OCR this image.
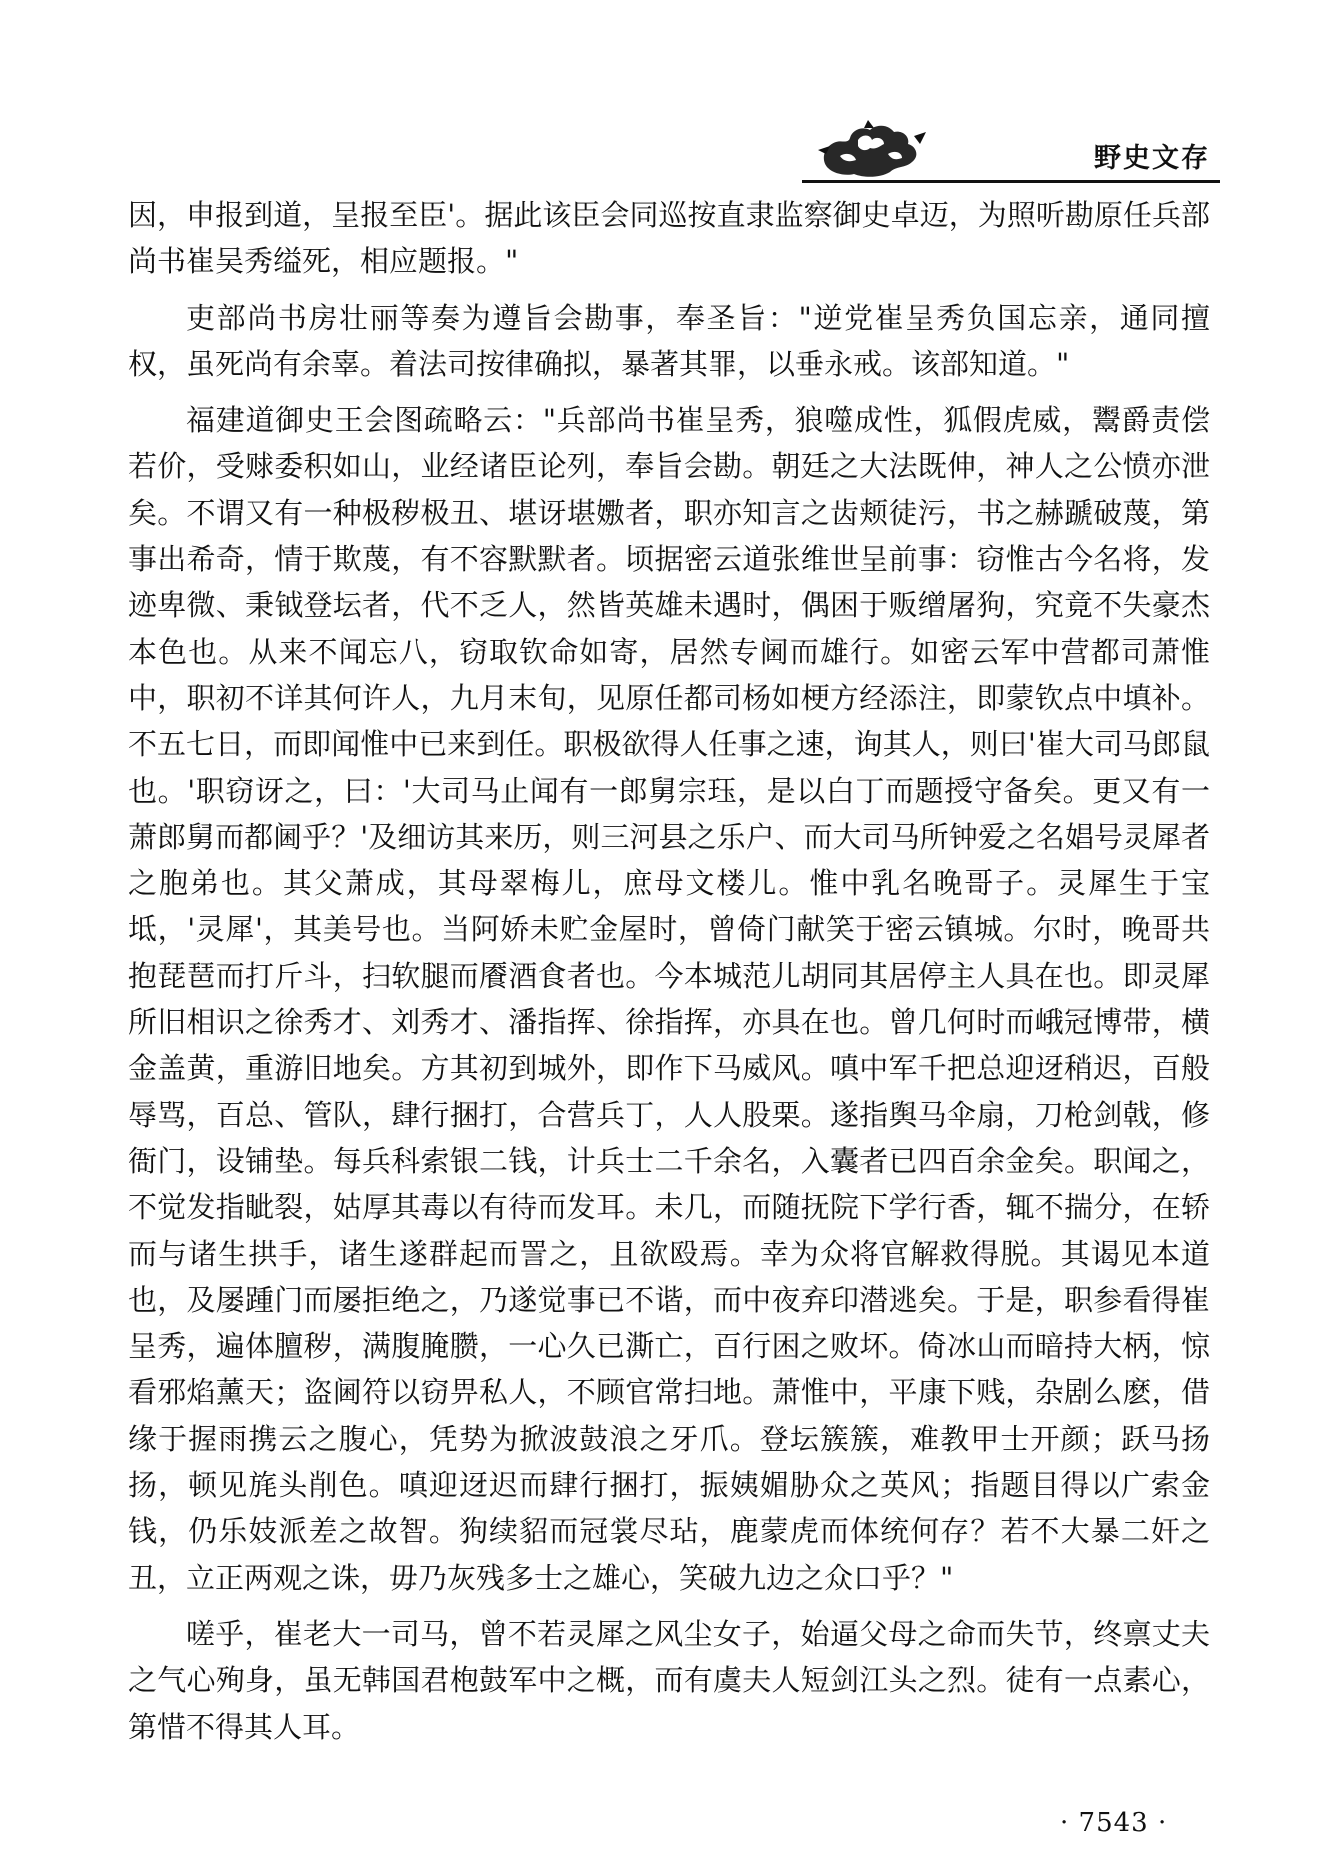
野史文存

因，申报到道，呈报至臣'。据此该臣会同巡按直隶监察御史卓迈，为照听勘原任兵部尚书崔吴秀缢死，相应题报。"

吏部尚书房壮丽等奏为遵旨会勘事，奉圣旨："逆党崔呈秀负国忘亲，通同擅权，虽死尚有余辜。着法司按律确拟，暴著其罪，以垂永戒。该部知道。"

福建道御史王会图疏略云："兵部尚书崔呈秀，狼噬成性，狐假虎威，鬻爵责偿若价，受赇委积如山，业经诸臣论列，奉旨会勘。朝廷之大法既伸，神人之公愤亦泄矣。不谓又有一种极秽极丑、堪讶堪嫐者，职亦知言之齿颊徒污，书之赫蹏破蔑，第事出希奇，情于欺蔑，有不容默默者。顷据密云道张维世呈前事：窃惟古今名将，发迹卑微、秉钺登坛者，代不乏人，然皆英雄未遇时，偶困于贩缯屠狗，究竟不失豪杰本色也。从来不闻忘八，窃取钦命如寄，居然专阃而雄行。如密云军中营都司萧惟中，职初不详其何许人，九月末旬，见原任都司杨如梗方经添注，即蒙钦点中填补。不五七日，而即闻惟中已来到任。职极欲得人任事之速，询其人，则曰'崔大司马郎鼠也。'职窃讶之，曰：'大司马止闻有一郎舅宗珏，是以白丁而题授守备矣。更又有一萧郎舅而都阃乎？'及细访其来历，则三河县之乐户、而大司马所钟爱之名娼号灵犀者之胞弟也。其父萧成，其母翠梅儿，庶母文楼儿。惟中乳名晚哥子。灵犀生于宝坻，'灵犀'，其美号也。当阿娇未贮金屋时，曾倚门献笑于密云镇城。尔时，晚哥共抱琵琶而打斤斗，扫软腿而餍酒食者也。今本城范儿胡同其居停主人具在也。即灵犀所旧相识之徐秀才、刘秀才、潘指挥、徐指挥，亦具在也。曾几何时而峨冠博带，横金盖黄，重游旧地矣。方其初到城外，即作下马威风。嗔中军千把总迎迓稍迟，百般辱骂，百总、管队，肆行捆打，合营兵丁，人人股栗。遂指舆马伞扇，刀枪剑戟，修衙门，设铺垫。每兵科索银二钱，计兵士二千余名，入囊者已四百余金矣。职闻之，不觉发指眦裂，姑厚其毒以有待而发耳。未几，而随抚院下学行香，辄不揣分，在轿而与诸生拱手，诸生遂群起而詈之，且欲殴焉。幸为众将官解救得脱。其谒见本道也，及屡踵门而屡拒绝之，乃遂觉事已不谐，而中夜弃印潜逃矣。于是，职参看得崔呈秀，遍体膻秽，满腹腌臜，一心久已澌亡，百行困之败坏。倚冰山而暗持大柄，惊看邪焰薰天；盗阃符以窃畀私人，不顾官常扫地。萧惟中，平康下贱，杂剧么麽，借缘于握雨携云之腹心，凭势为掀波鼓浪之牙爪。登坛簇簇，难教甲士开颜；跃马扬扬，顿见旄头削色。嗔迎迓迟而肆行捆打，振姨媚胁众之英风；指题目得以广索金钱，仍乐妓派差之故智。狗续貂而冠裳尽玷，鹿蒙虎而体统何存？若不大暴二奸之丑，立正两观之诛，毋乃灰残多士之雄心，笑破九边之众口乎？"

嗟乎，崔老大一司马，曾不若灵犀之风尘女子，始逼父母之命而失节，终禀丈夫之气心殉身，虽无韩国君枹鼓军中之概，而有虞夫人短剑江头之烈。徒有一点素心，第惜不得其人耳。

· 7543 ·
